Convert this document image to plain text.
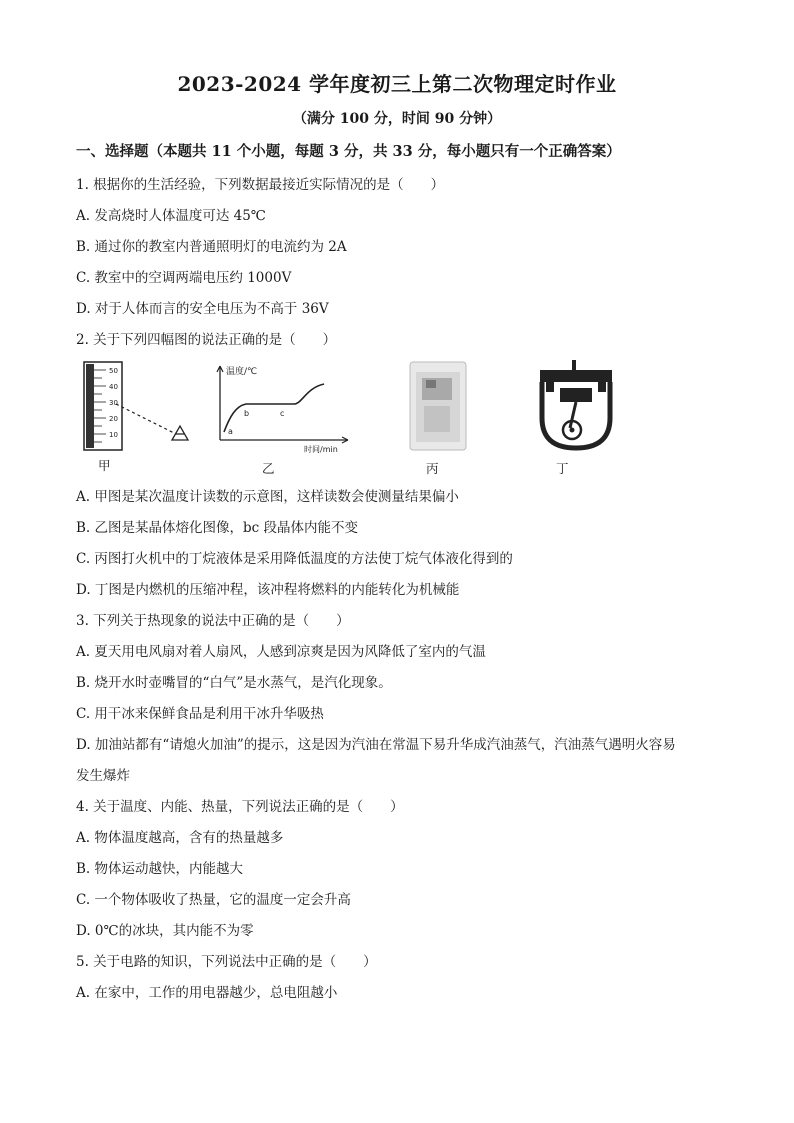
2023-2024 学年度初三上第二次物理定时作业
（满分 100 分，时间 90 分钟）
一、选择题（本题共 11 个小题，每题 3 分，共 33 分，每小题只有一个正确答案）
1. 根据你的生活经验，下列数据最接近实际情况的是（　　）
A. 发高烧时人体温度可达 45℃
B. 通过你的教室内普通照明灯的电流约为 2A
C. 教室中的空调两端电压约 1000V
D. 对于人体而言的安全电压为不高于 36V
2. 关于下列四幅图的说法正确的是（　　）
50
40
30
20
10
温度/℃
时间/min
a
b	c
甲	乙	丙	丁
A. 甲图是某次温度计读数的示意图，这样读数会使测量结果偏小
B. 乙图是某晶体熔化图像，bc 段晶体内能不变
C. 丙图打火机中的丁烷液体是采用降低温度的方法使丁烷气体液化得到的
D. 丁图是内燃机的压缩冲程，该冲程将燃料的内能转化为机械能
3. 下列关于热现象的说法中正确的是（　　）
A. 夏天用电风扇对着人扇风，人感到凉爽是因为风降低了室内的气温
B. 烧开水时壶嘴冒的“白气”是水蒸气，是汽化现象。
C. 用干冰来保鲜食品是利用干冰升华吸热
D. 加油站都有“请熄火加油”的提示，这是因为汽油在常温下易升华成汽油蒸气，汽油蒸气遇明火容易
发生爆炸
4. 关于温度、内能、热量，下列说法正确的是（　　）
A. 物体温度越高，含有的热量越多
B. 物体运动越快，内能越大
C. 一个物体吸收了热量，它的温度一定会升高
D. 0℃的冰块，其内能不为零
5. 关于电路的知识，下列说法中正确的是（　　）
A. 在家中，工作的用电器越少，总电阻越小
